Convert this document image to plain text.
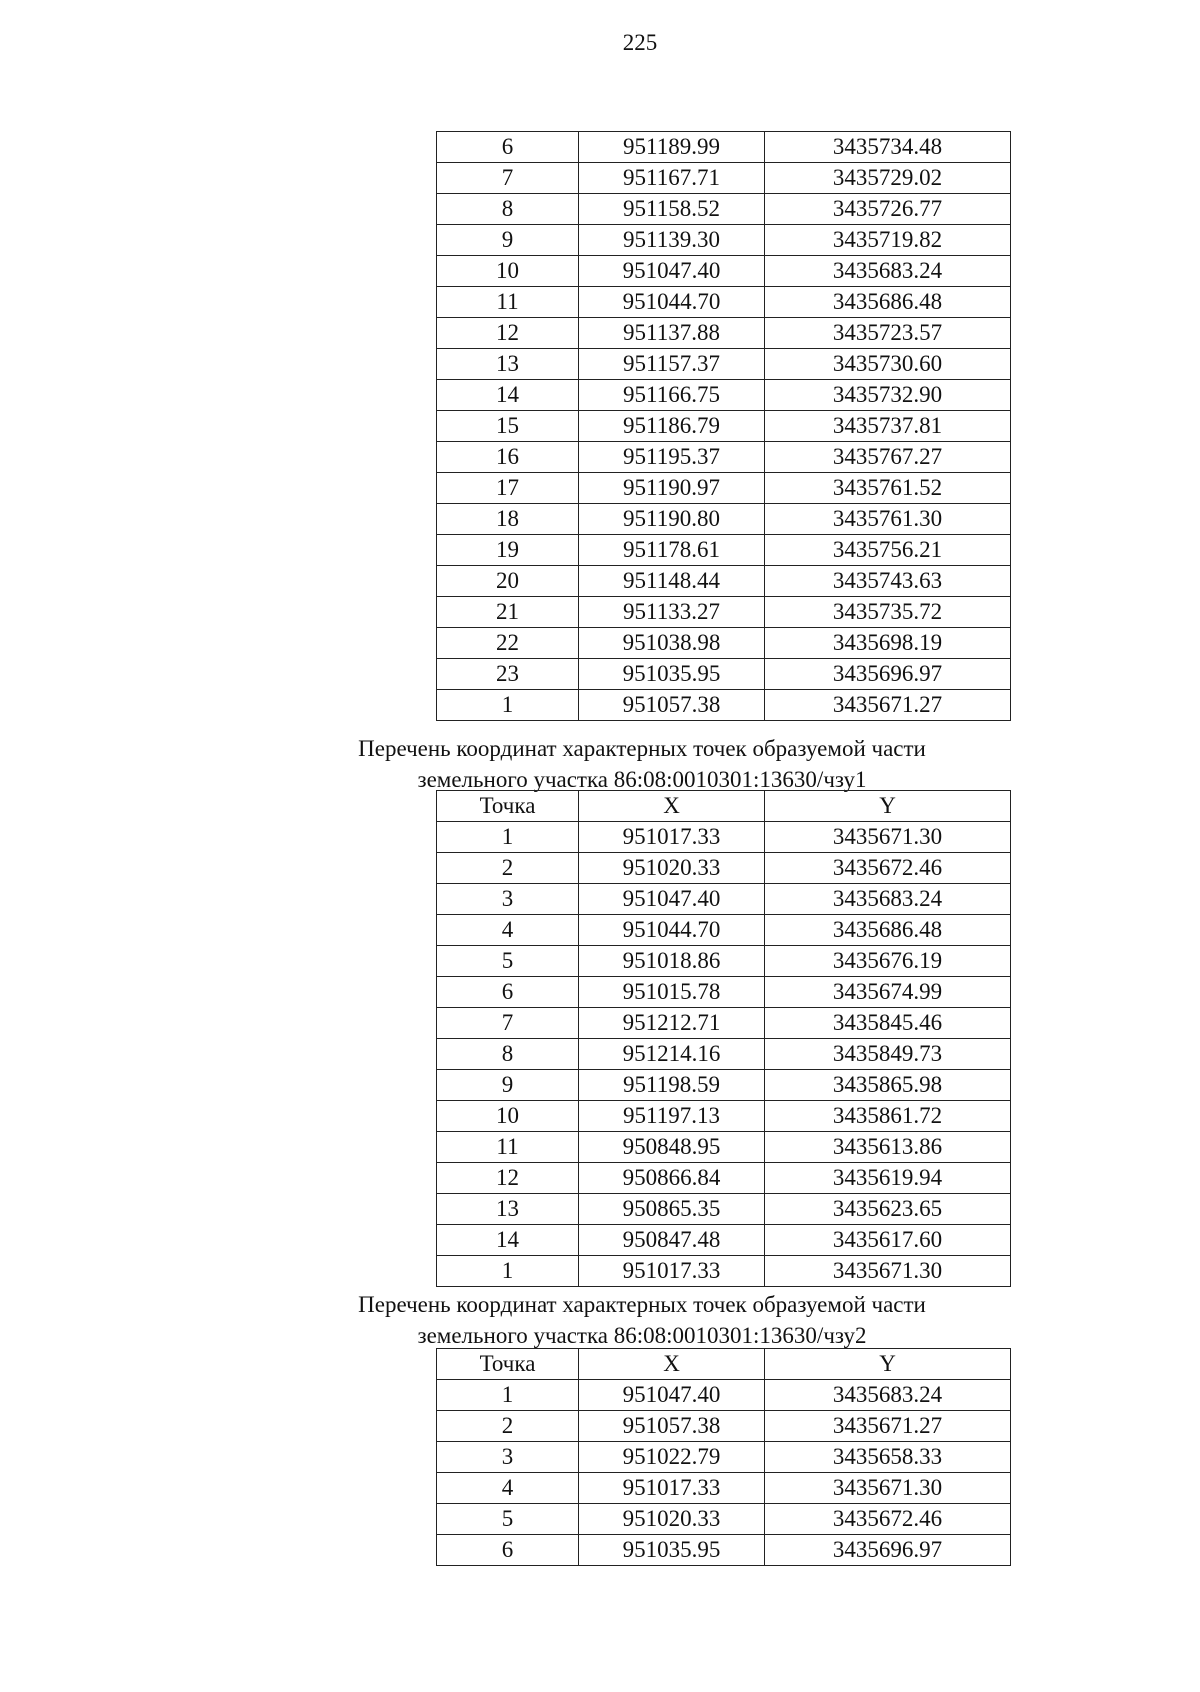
225
6	951189.99	3435734.48
7	951167.71	3435729.02
8	951158.52	3435726.77
9	951139.30	3435719.82
10	951047.40	3435683.24
11	951044.70	3435686.48
12	951137.88	3435723.57
13	951157.37	3435730.60
14	951166.75	3435732.90
15	951186.79	3435737.81
16	951195.37	3435767.27
17	951190.97	3435761.52
18	951190.80	3435761.30
19	951178.61	3435756.21
20	951148.44	3435743.63
21	951133.27	3435735.72
22	951038.98	3435698.19
23	951035.95	3435696.97
1	951057.38	3435671.27
Перечень координат характерных точек образуемой части
земельного участка 86:08:0010301:13630/чзу1
Точка	X	Y
1	951017.33	3435671.30
2	951020.33	3435672.46
3	951047.40	3435683.24
4	951044.70	3435686.48
5	951018.86	3435676.19
6	951015.78	3435674.99
7	951212.71	3435845.46
8	951214.16	3435849.73
9	951198.59	3435865.98
10	951197.13	3435861.72
11	950848.95	3435613.86
12	950866.84	3435619.94
13	950865.35	3435623.65
14	950847.48	3435617.60
1	951017.33	3435671.30
Перечень координат характерных точек образуемой части
земельного участка 86:08:0010301:13630/чзу2
Точка	X	Y
1	951047.40	3435683.24
2	951057.38	3435671.27
3	951022.79	3435658.33
4	951017.33	3435671.30
5	951020.33	3435672.46
6	951035.95	3435696.97
